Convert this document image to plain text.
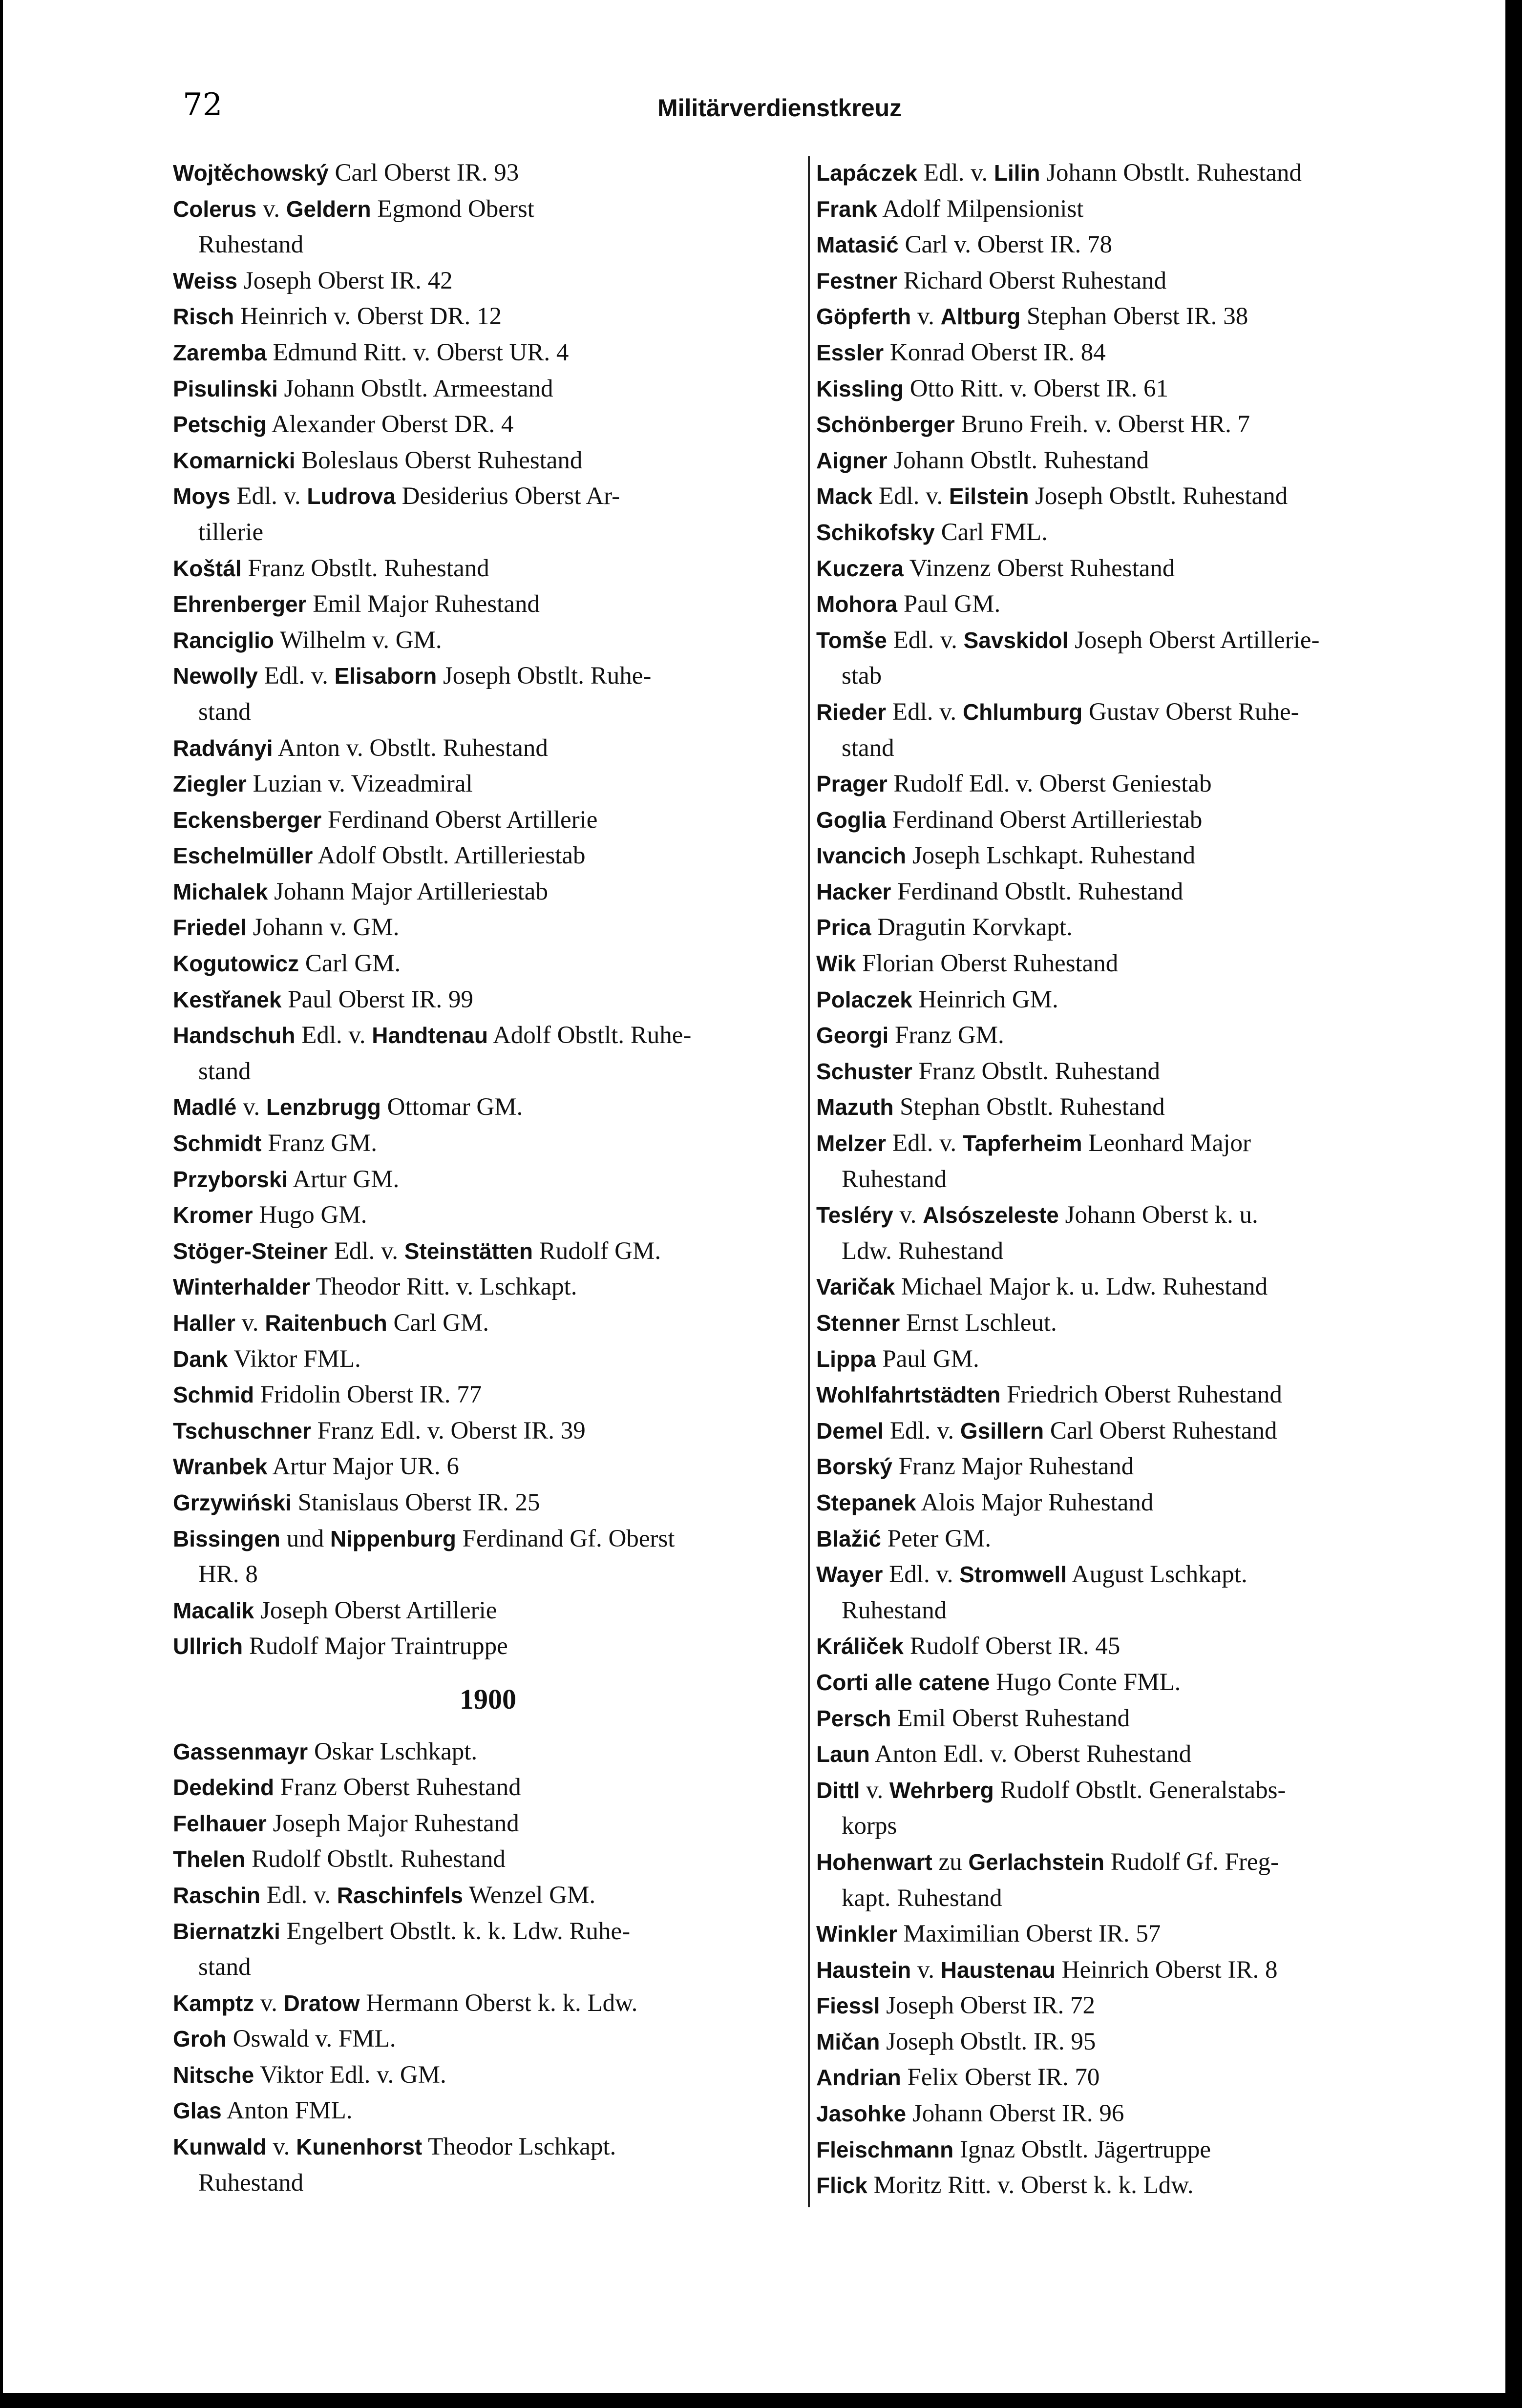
72	Militärverdienstkreuz
Wojtěchowský Carl Oberst IR. 93
Colerus v. Geldern Egmond Oberst
Ruhestand
Weiss Joseph Oberst IR. 42
Risch Heinrich v. Oberst DR. 12
Zaremba Edmund Ritt. v. Oberst UR. 4
Pisulinski Johann Obstlt. Armeestand
Petschig Alexander Oberst DR. 4
Komarnicki Boleslaus Oberst Ruhestand
Moys Edl. v. Ludrova Desiderius Oberst Ar-
tillerie
Koštál Franz Obstlt. Ruhestand
Ehrenberger Emil Major Ruhestand
Ranciglio Wilhelm v. GM.
Newolly Edl. v. Elisaborn Joseph Obstlt. Ruhe-
stand
Radványi Anton v. Obstlt. Ruhestand
Ziegler Luzian v. Vizeadmiral
Eckensberger Ferdinand Oberst Artillerie
Eschelmüller Adolf Obstlt. Artilleriestab
Michalek Johann Major Artilleriestab
Friedel Johann v. GM.
Kogutowicz Carl GM.
Kestřanek Paul Oberst IR. 99
Handschuh Edl. v. Handtenau Adolf Obstlt. Ruhe-
stand
Madlé v. Lenzbrugg Ottomar GM.
Schmidt Franz GM.
Przyborski Artur GM.
Kromer Hugo GM.
Stöger-Steiner Edl. v. Steinstätten Rudolf GM.
Winterhalder Theodor Ritt. v. Lschkapt.
Haller v. Raitenbuch Carl GM.
Dank Viktor FML.
Schmid Fridolin Oberst IR. 77
Tschuschner Franz Edl. v. Oberst IR. 39
Wranbek Artur Major UR. 6
Grzywiński Stanislaus Oberst IR. 25
Bissingen und Nippenburg Ferdinand Gf. Oberst
HR. 8
Macalik Joseph Oberst Artillerie
Ullrich Rudolf Major Traintruppe
1900
Gassenmayr Oskar Lschkapt.
Dedekind Franz Oberst Ruhestand
Felhauer Joseph Major Ruhestand
Thelen Rudolf Obstlt. Ruhestand
Raschin Edl. v. Raschinfels Wenzel GM.
Biernatzki Engelbert Obstlt. k. k. Ldw. Ruhe-
stand
Kamptz v. Dratow Hermann Oberst k. k. Ldw.
Groh Oswald v. FML.
Nitsche Viktor Edl. v. GM.
Glas Anton FML.
Kunwald v. Kunenhorst Theodor Lschkapt.
Ruhestand
Lapáczek Edl. v. Lilin Johann Obstlt. Ruhestand
Frank Adolf Milpensionist
Matasić Carl v. Oberst IR. 78
Festner Richard Oberst Ruhestand
Göpferth v. Altburg Stephan Oberst IR. 38
Essler Konrad Oberst IR. 84
Kissling Otto Ritt. v. Oberst IR. 61
Schönberger Bruno Freih. v. Oberst HR. 7
Aigner Johann Obstlt. Ruhestand
Mack Edl. v. Eilstein Joseph Obstlt. Ruhestand
Schikofsky Carl FML.
Kuczera Vinzenz Oberst Ruhestand
Mohora Paul GM.
Tomše Edl. v. Savskidol Joseph Oberst Artillerie-
stab
Rieder Edl. v. Chlumburg Gustav Oberst Ruhe-
stand
Prager Rudolf Edl. v. Oberst Geniestab
Goglia Ferdinand Oberst Artilleriestab
Ivancich Joseph Lschkapt. Ruhestand
Hacker Ferdinand Obstlt. Ruhestand
Prica Dragutin Korvkapt.
Wik Florian Oberst Ruhestand
Polaczek Heinrich GM.
Georgi Franz GM.
Schuster Franz Obstlt. Ruhestand
Mazuth Stephan Obstlt. Ruhestand
Melzer Edl. v. Tapferheim Leonhard Major
Ruhestand
Tesléry v. Alsószeleste Johann Oberst k. u.
Ldw. Ruhestand
Varičak Michael Major k. u. Ldw. Ruhestand
Stenner Ernst Lschleut.
Lippa Paul GM.
Wohlfahrtstädten Friedrich Oberst Ruhestand
Demel Edl. v. Gsillern Carl Oberst Ruhestand
Borský Franz Major Ruhestand
Stepanek Alois Major Ruhestand
Blažić Peter GM.
Wayer Edl. v. Stromwell August Lschkapt.
Ruhestand
Králiček Rudolf Oberst IR. 45
Corti alle catene Hugo Conte FML.
Persch Emil Oberst Ruhestand
Laun Anton Edl. v. Oberst Ruhestand
Dittl v. Wehrberg Rudolf Obstlt. Generalstabs-
korps
Hohenwart zu Gerlachstein Rudolf Gf. Freg-
kapt. Ruhestand
Winkler Maximilian Oberst IR. 57
Haustein v. Haustenau Heinrich Oberst IR. 8
Fiessl Joseph Oberst IR. 72
Mičan Joseph Obstlt. IR. 95
Andrian Felix Oberst IR. 70
Jasohke Johann Oberst IR. 96
Fleischmann Ignaz Obstlt. Jägertruppe
Flick Moritz Ritt. v. Oberst k. k. Ldw.
